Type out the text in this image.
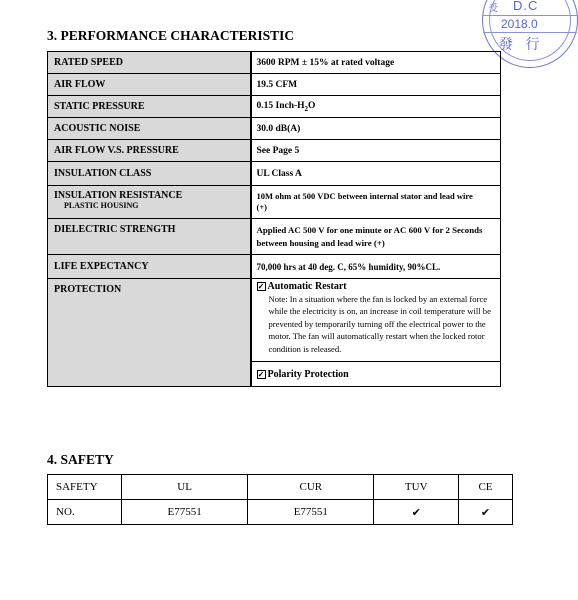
受 D.C
2018.0
發 行
3. PERFORMANCE CHARACTERISTIC
RATED SPEED	3600 RPM ± 15% at rated voltage
AIR FLOW	19.5 CFM
STATIC PRESSURE	0.15 Inch-$H_2O$
ACOUSTIC NOISE	30.0 dB(A)
AIR FLOW V.S. PRESSURE	See Page 5
INSULATION CLASS	UL Class A
INSULATION RESISTANCE
PLASTIC HOUSING	10M ohm at 500 VDC between internal stator and lead wire (+)
DIELECTRIC STRENGTH	Applied AC 500 V for one minute or AC 600 V for 2 Seconds between housing and lead wire (+)
LIFE EXPECTANCY	70,000 hrs at 40 deg. C, 65% humidity, 90%CL.
PROTECTION	✓ Automatic Restart
Note: In a situation where the fan is locked by an external force while the electricity is on, an increase in coil temperature will be prevented by temporarily turning off the electrical power to the motor. The fan will automatically restart when the locked rotor condition is released.

	✓ Polarity Protection
4. SAFETY
SAFETY	UL	CUR	TUV	CE
NO.	E77551	E77551	✔	✔
